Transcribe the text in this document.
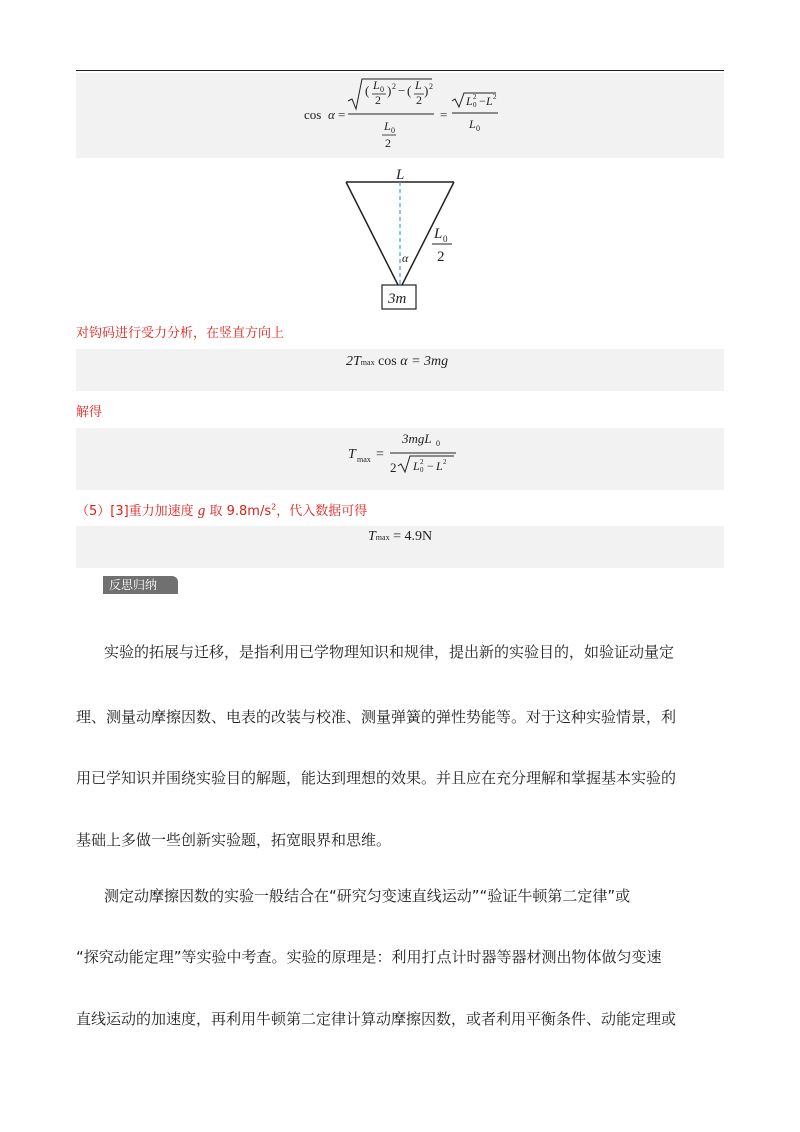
cos α =
( L 0
2
) 2 − ( L
2
) 2
L 0
2
=
L 2
0 − L 2
L 0
L
L 0
2
α
3m
对钩码进行受力分析，在竖直方向上
2Tmax cos α = 3mg
解得
T max =
3mgL 0
2 L 2
0 − L 2
（5）[3]重力加速度 g 取 $9.8m/s^2$，代入数据可得
Tmax = 4.9N
反思归纳
实验的拓展与迁移，是指利用已学物理知识和规律，提出新的实验目的，如验证动量定
理、测量动摩擦因数、电表的改装与校准、测量弹簧的弹性势能等。对于这种实验情景，利
用已学知识并围绕实验目的解题，能达到理想的效果。并且应在充分理解和掌握基本实验的
基础上多做一些创新实验题，拓宽眼界和思维。
测定动摩擦因数的实验一般结合在“研究匀变速直线运动”“验证牛顿第二定律”或
“探究动能定理”等实验中考查。实验的原理是：利用打点计时器等器材测出物体做匀变速
直线运动的加速度，再利用牛顿第二定律计算动摩擦因数，或者利用平衡条件、动能定理或
